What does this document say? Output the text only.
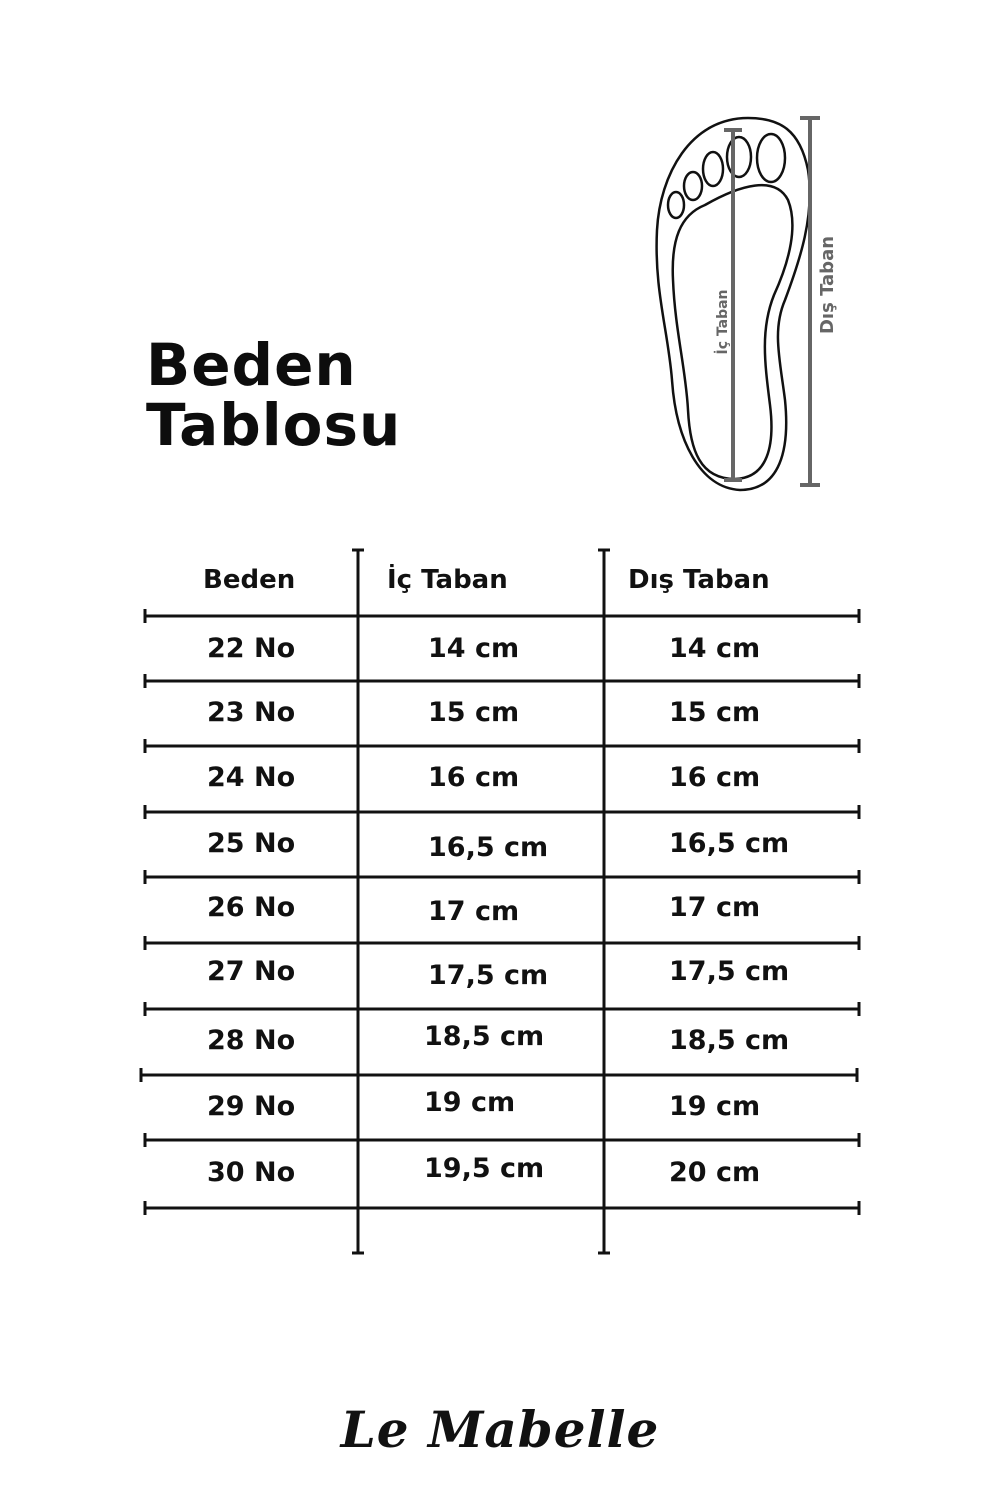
Beden
Tablosu
İç Taban	Dış Taban
Beden	İç Taban	Dış Taban
22 No	14 cm	14 cm
23 No	15 cm	15 cm
24 No	16 cm	16 cm
25 No	16,5 cm	16,5 cm
26 No	17 cm	17 cm
27 No	17,5 cm	17,5 cm
28 No	18,5 cm	18,5 cm
29 No	19 cm	19 cm
30 No	19,5 cm	20 cm
Le Mabelle
